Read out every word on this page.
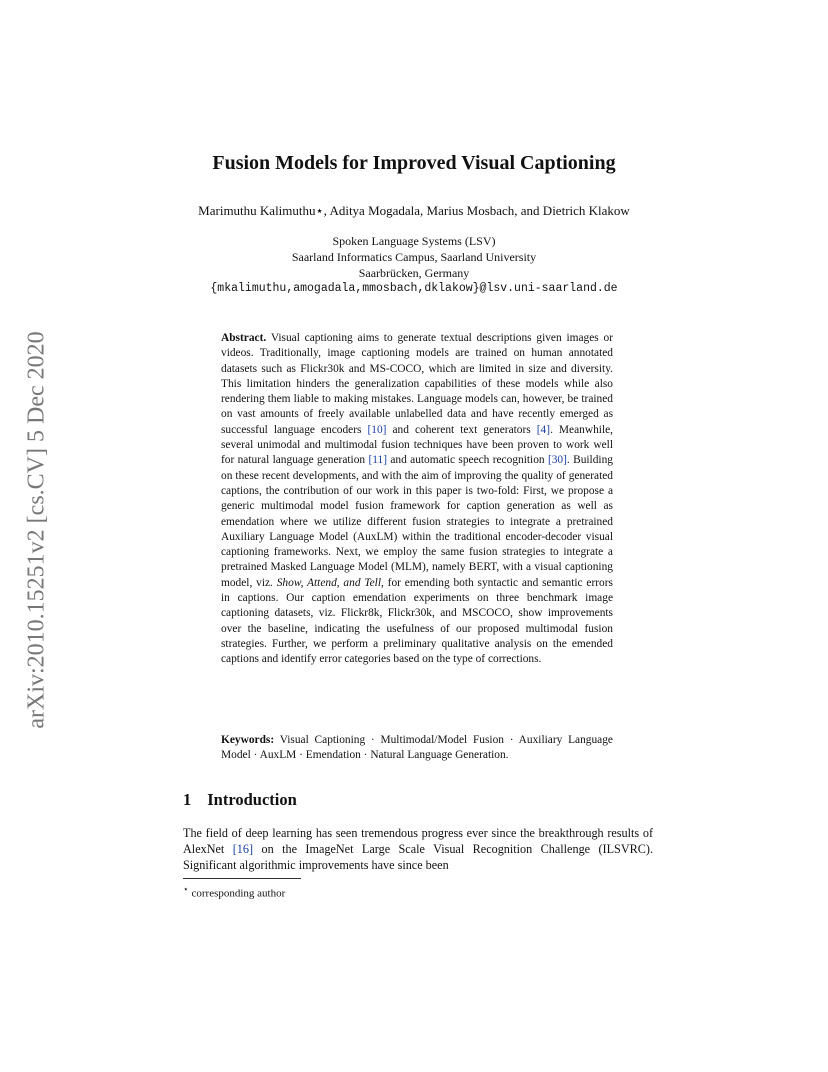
arXiv:2010.15251v2 [cs.CV] 5 Dec 2020
Fusion Models for Improved Visual Captioning
Marimuthu Kalimuthu⋆, Aditya Mogadala, Marius Mosbach, and Dietrich Klakow
Spoken Language Systems (LSV)
Saarland Informatics Campus, Saarland University
Saarbrücken, Germany
{mkalimuthu,amogadala,mmosbach,dklakow}@lsv.uni-saarland.de
Abstract. Visual captioning aims to generate textual descriptions given images or videos. Traditionally, image captioning models are trained on human annotated datasets such as Flickr30k and MS-COCO, which are limited in size and diversity. This limitation hinders the generalization capabilities of these models while also rendering them liable to making mistakes. Language models can, however, be trained on vast amounts of freely available unlabelled data and have recently emerged as successful language encoders [10] and coherent text generators [4]. Meanwhile, several unimodal and multimodal fusion techniques have been proven to work well for natural language generation [11] and automatic speech recognition [30]. Building on these recent developments, and with the aim of improving the quality of generated captions, the contribution of our work in this paper is two-fold: First, we propose a generic multimodal model fusion framework for caption generation as well as emendation where we utilize different fusion strategies to integrate a pretrained Auxiliary Language Model (AuxLM) within the traditional encoder-decoder visual captioning frameworks. Next, we employ the same fusion strategies to integrate a pretrained Masked Language Model (MLM), namely BERT, with a visual captioning model, viz. Show, Attend, and Tell, for emending both syntactic and semantic errors in captions. Our caption emendation experiments on three benchmark image captioning datasets, viz. Flickr8k, Flickr30k, and MSCOCO, show improvements over the baseline, indicating the usefulness of our proposed multimodal fusion strategies. Further, we perform a preliminary qualitative analysis on the emended captions and identify error categories based on the type of corrections.
Keywords: Visual Captioning · Multimodal/Model Fusion · Auxiliary Language Model · AuxLM · Emendation · Natural Language Generation.
1 Introduction
The field of deep learning has seen tremendous progress ever since the breakthrough results of AlexNet [16] on the ImageNet Large Scale Visual Recognition Challenge (ILSVRC). Significant algorithmic improvements have since been
⋆ corresponding author
